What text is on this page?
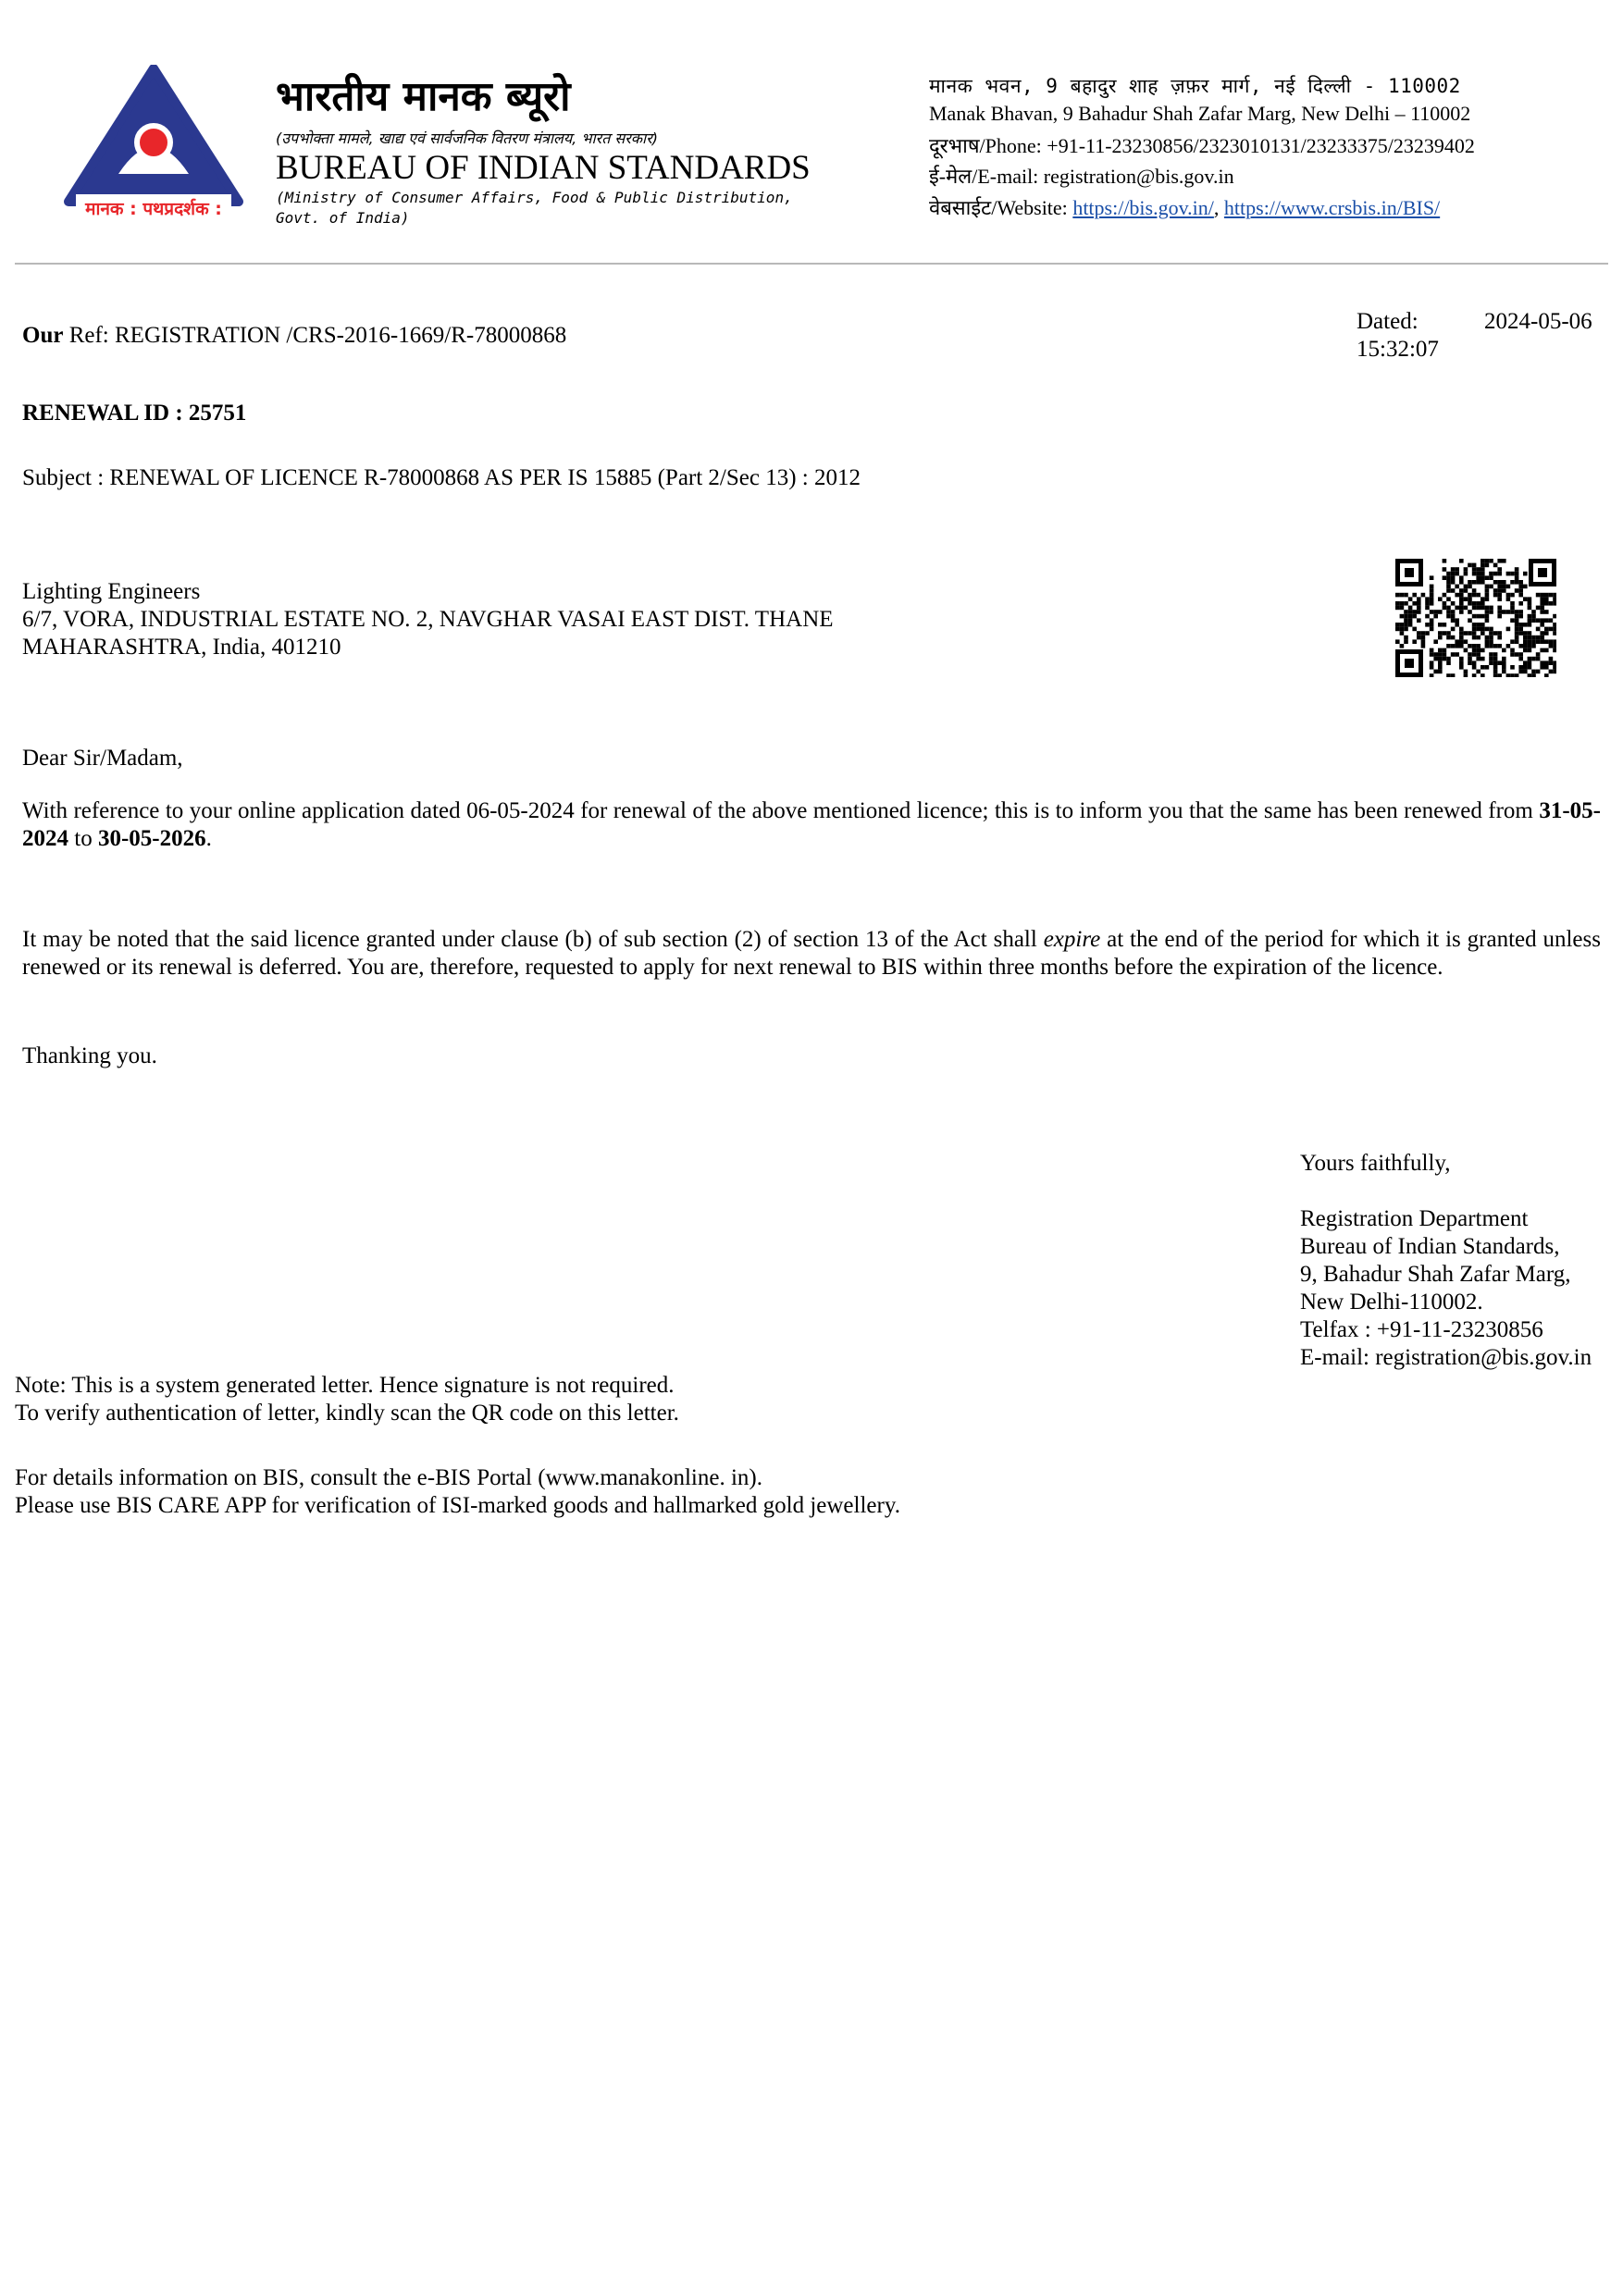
मानक : पथप्रदर्शक :
भारतीय मानक ब्यूरो
(उपभोक्ता मामले, खाद्य एवं सार्वजनिक वितरण मंत्रालय, भारत सरकार)
BUREAU OF INDIAN STANDARDS
(Ministry of Consumer Affairs, Food & Public Distribution,
Govt. of India)
मानक भवन, 9 बहादुर शाह ज़फ़र मार्ग, नई दिल्ली - 110002
Manak Bhavan, 9 Bahadur Shah Zafar Marg, New Delhi – 110002
दूरभाष/Phone: +91-11-23230856/2323010131/23233375/23239402
ई-मेल/E-mail: registration@bis.gov.in
वेबसाईट/Website: https://bis.gov.in/, https://www.crsbis.in/BIS/
Our Ref: REGISTRATION /CRS-2016-1669/R-78000868
Dated:	2024-05-06
15:32:07
RENEWAL ID : 25751
Subject : RENEWAL OF LICENCE R-78000868 AS PER IS 15885 (Part 2/Sec 13) : 2012
Lighting Engineers
6/7, VORA, INDUSTRIAL ESTATE NO. 2, NAVGHAR VASAI EAST DIST. THANE
MAHARASHTRA, India, 401210
Dear Sir/Madam,
With reference to your online application dated 06-05-2024 for renewal of the above mentioned licence; this is to inform you that the same has been renewed from 31-05-2024 to 30-05-2026.
It may be noted that the said licence granted under clause (b) of sub section (2) of section 13 of the Act shall expire at the end of the period for which it is granted unless renewed or its renewal is deferred. You are, therefore, requested to apply for next renewal to BIS within three months before the expiration of the licence.
Thanking you.
Yours faithfully,
Registration Department
Bureau of Indian Standards,
9, Bahadur Shah Zafar Marg,
New Delhi-110002.
Telfax : +91-11-23230856
E-mail: registration@bis.gov.in
Note: This is a system generated letter. Hence signature is not required.
To verify authentication of letter, kindly scan the QR code on this letter.
For details information on BIS, consult the e-BIS Portal (www.manakonline. in).
Please use BIS CARE APP for verification of ISI-marked goods and hallmarked gold jewellery.
